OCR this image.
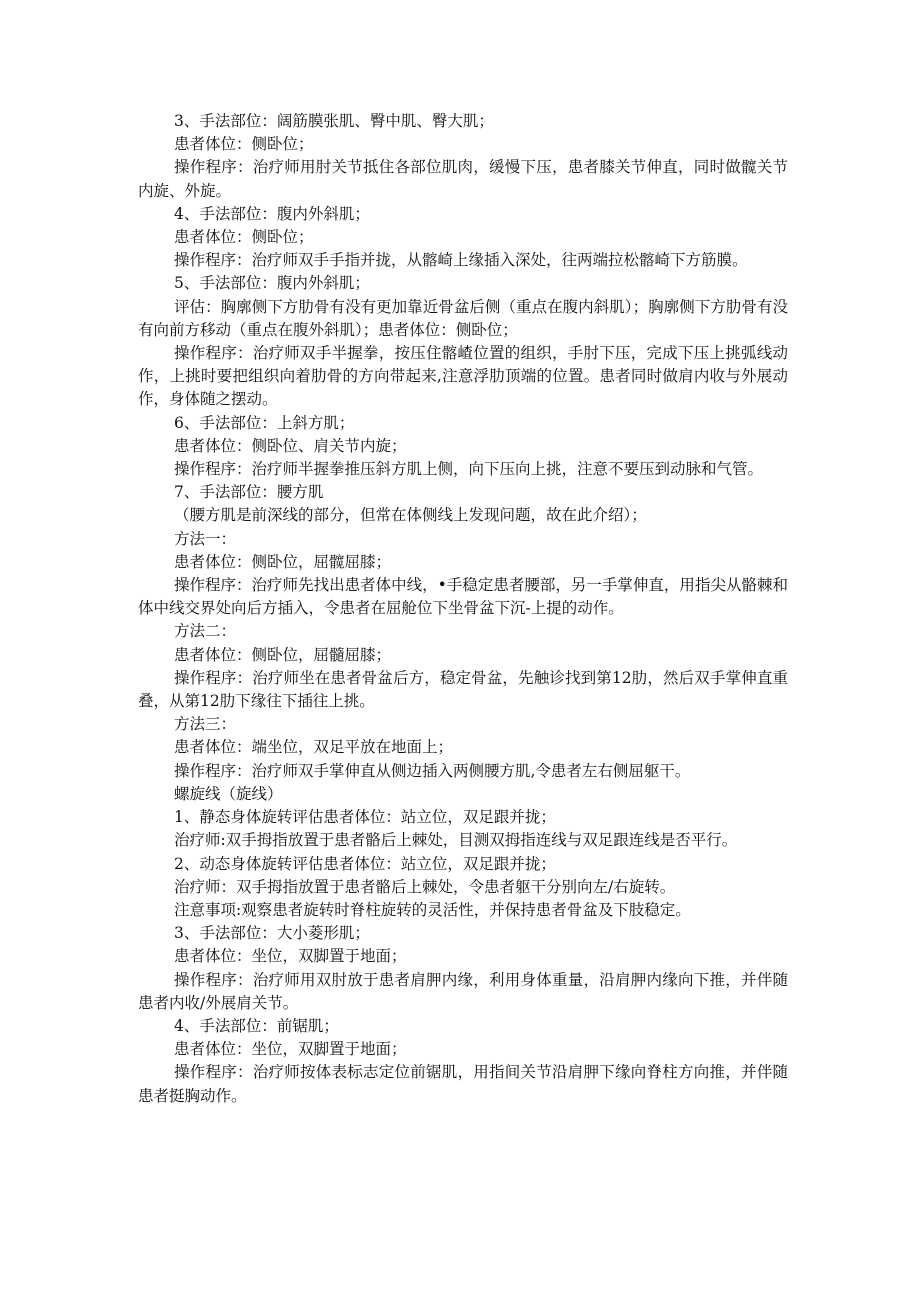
3、手法部位：阔筋膜张肌、臀中肌、臀大肌；

患者体位：侧卧位；

操作程序：治疗师用肘关节抵住各部位肌肉，缓慢下压，患者膝关节伸直，同时做髋关节内旋、外旋。

4、手法部位：腹内外斜肌；

患者体位：侧卧位；

操作程序：治疗师双手手指并拢，从髂崎上缘插入深处，往两端拉松髂崎下方筋膜。

5、手法部位：腹内外斜肌；

评估：胸廓侧下方肋骨有没有更加靠近骨盆后侧（重点在腹内斜肌）；胸廓侧下方肋骨有没有向前方移动（重点在腹外斜肌）；患者体位：侧卧位；

操作程序：治疗师双手半握拳，按压住髂嵖位置的组织，手肘下压，完成下压上挑弧线动作，上挑时要把组织向着肋骨的方向带起来,注意浮肋顶端的位置。患者同时做肩内收与外展动作，身体随之摆动。

6、手法部位：上斜方肌；

患者体位：侧卧位、肩关节内旋；

操作程序：治疗师半握拳推压斜方肌上侧，向下压向上挑，注意不要压到动脉和气管。

7、手法部位：腰方肌

（腰方肌是前深线的部分，但常在体侧线上发现问题，故在此介绍）；

方法一：

患者体位：侧卧位，屈髋屈膝；

操作程序：治疗师先找出患者体中线，•手稳定患者腰部，另一手掌伸直，用指尖从骼棘和体中线交界处向后方插入，令患者在屈舱位下坐骨盆下沉-上提的动作。

方法二：

患者体位：侧卧位，屈髓屈膝；

操作程序：治疗师坐在患者骨盆后方，稳定骨盆，先触诊找到第12肋，然后双手掌伸直重叠，从第12肋下缘往下插往上挑。

方法三：

患者体位：端坐位，双足平放在地面上；

操作程序：治疗师双手掌伸直从侧边插入两侧腰方肌,令患者左右侧屈躯干。

螺旋线（旋线）

1、静态身体旋转评估患者体位：站立位，双足跟并拢；

治疗师:双手拇指放置于患者骼后上棘处，目测双拇指连线与双足跟连线是否平行。

2、动态身体旋转评估患者体位：站立位，双足跟并拢；

治疗师：双手拇指放置于患者骼后上棘处，令患者躯干分别向左/右旋转。

注意事项:观察患者旋转时脊柱旋转的灵活性，并保持患者骨盆及下肢稳定。

3、手法部位：大小菱形肌；

患者体位：坐位，双脚置于地面；

操作程序：治疗师用双肘放于患者肩胛内缘，利用身体重量，沿肩胛内缘向下推，并伴随患者内收/外展肩关节。

4、手法部位：前锯肌；

患者体位：坐位，双脚置于地面；

操作程序：治疗师按体表标志定位前锯肌，用指间关节沿肩胛下缘向脊柱方向推，并伴随患者挺胸动作。
